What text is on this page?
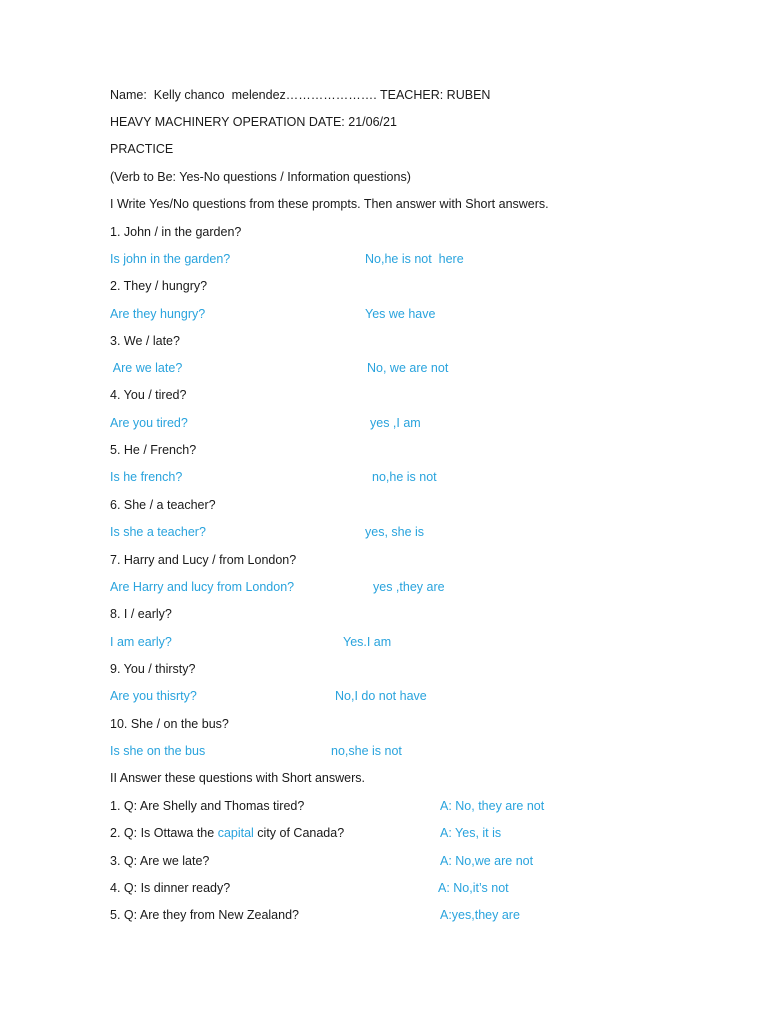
Name:  Kelly chanco  melendez…………………. TEACHER: RUBEN
HEAVY MACHINERY OPERATION DATE: 21/06/21
PRACTICE
(Verb to Be: Yes-No questions / Information questions)
I Write Yes/No questions from these prompts. Then answer with Short answers.
1. John / in the garden?
Is john in the garden?	No,he is not  here
2. They / hungry?
Are they hungry?	Yes we have
3. We / late?
Are we late?	No, we are not
4. You / tired?
Are you tired?	yes ,I am
5. He / French?
Is he french?	no,he is not
6. She / a teacher?
Is she a teacher?	yes, she is
7. Harry and Lucy / from London?
Are Harry and lucy from London?	yes ,they are
8. I / early?
I am early?	Yes.I am
9. You / thirsty?
Are you thisrty?	No,I do not have
10. She / on the bus?
Is she on the bus	no,she is not
II Answer these questions with Short answers.
1. Q: Are Shelly and Thomas tired?	A: No, they are not
2. Q: Is Ottawa the capital city of Canada?	A: Yes, it is
3. Q: Are we late?	A: No,we are not
4. Q: Is dinner ready?	A: No,it’s not
5. Q: Are they from New Zealand?	A:yes,they are
